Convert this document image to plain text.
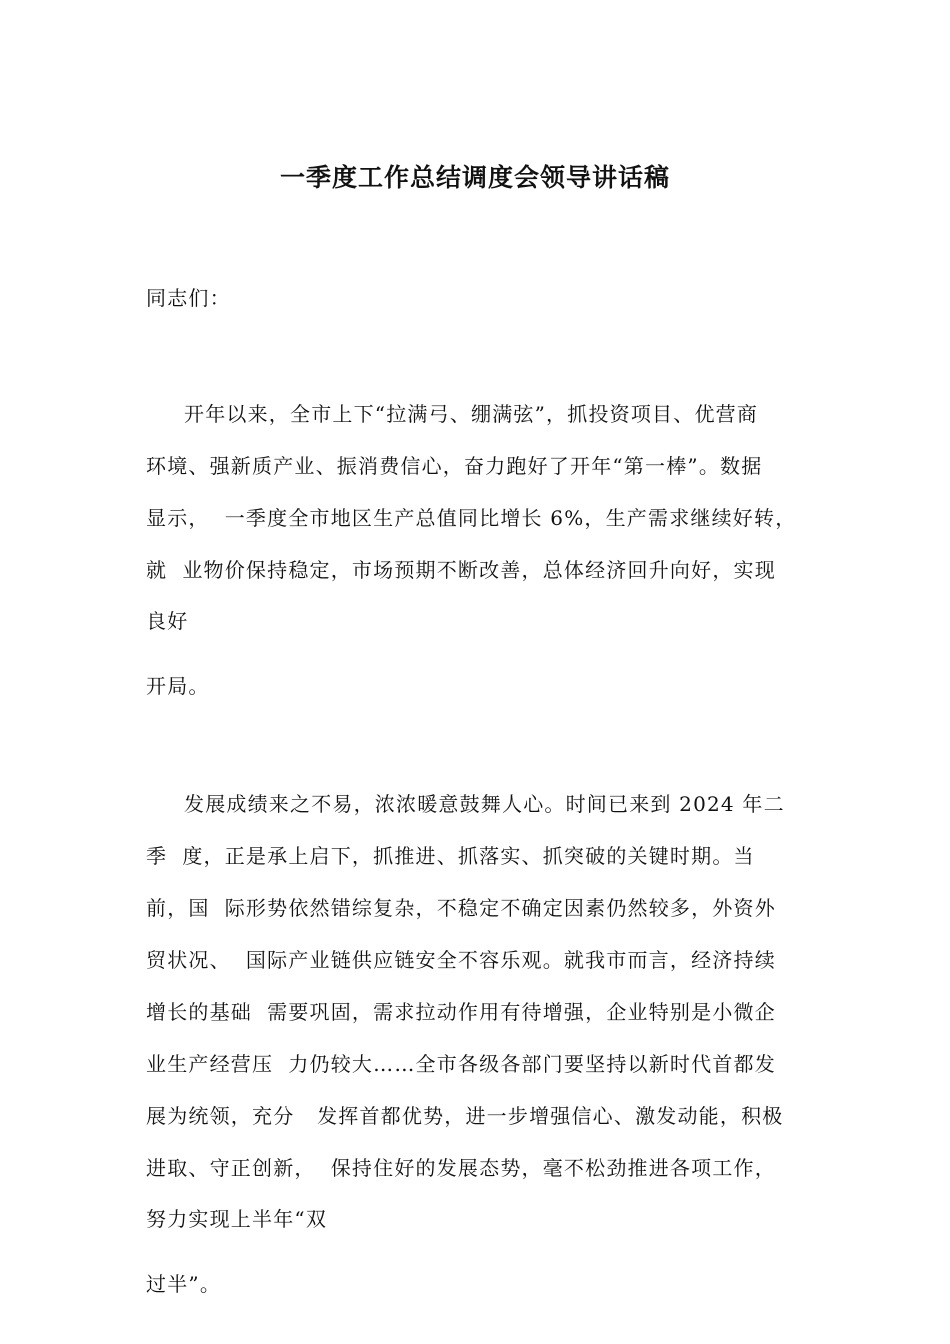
一季度工作总结调度会领导讲话稿
同志们：
开年以来，全市上下“拉满弓、绷满弦”，抓投资项目、优营商
环境、强新质产业、振消费信心，奋力跑好了开年“第一棒”。数据
显示，  一季度全市地区生产总值同比增长 6%，生产需求继续好转，
就  业物价保持稳定，市场预期不断改善，总体经济回升向好，实现
良好
开局。
发展成绩来之不易，浓浓暖意鼓舞人心。时间已来到 2024 年二
季  度，正是承上启下，抓推进、抓落实、抓突破的关键时期。当
前，国  际形势依然错综复杂，不稳定不确定因素仍然较多，外资外
贸状况、  国际产业链供应链安全不容乐观。就我市而言，经济持续
增长的基础  需要巩固，需求拉动作用有待增强，企业特别是小微企
业生产经营压  力仍较大……全市各级各部门要坚持以新时代首都发
展为统领，充分   发挥首都优势，进一步增强信心、激发动能，积极
进取、守正创新，  保持住好的发展态势，毫不松劲推进各项工作，
努力实现上半年“双
过半”。
